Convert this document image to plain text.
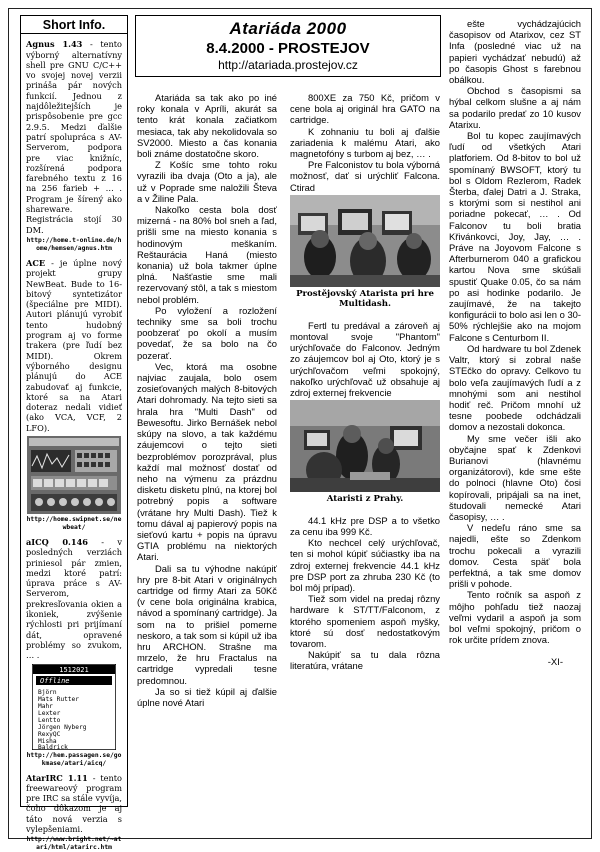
Short Info.
Agnus 1.43 - tento výborný alternatívny shell pre GNU C/C++ vo svojej novej verzii prináša pár nových funkcií. Jednou z najdôležitejších je prispôsobenie pre gcc 2.9.5. Medzi ďalšie patrí spolupráca s AV-Serverom, podpora pre viac knižníc, rozšírená podpora farebného textu z 16 na 256 farieb + … . Program je šírený ako shareware. Registrácia stojí 30 DM.
http://home.t-online.de/home/hemsen/agnus.htm
ACE - je úplne nový projekt grupy NewBeat. Bude to 16-bitový syntetizátor (špeciálne pre MIDI). Autori plánujú vyrobiť tento hudobný program aj vo forme trakera (pre ľudí bez MIDI). Okrem výborného designu plánujú do ACE zabudovať aj funkcie, ktoré sa na Atari doteraz nedali vidieť (ako VCA, VCF, 2 LFO).
http://home.swipnet.se/newbeat/
aICQ 0.146 - v posledných verziách priniesol pár zmien, medzi ktoré patrí: úprava práce s AV-Serverom, prekresľovania okien a ikoniek, zvýšenie rýchlosti pri prijímaní dát, opravené problémy so zvukom, … .
1512021
Offline
Björn
Mats Rutter
Mahr
Lexter
Lentto
Jörgen Nyberg
RexyQC
Misha
Baldrick
http://hem.passagen.se/gokmase/atari/aicq/
AtarIRC 1.11 - tento freewareový program pre IRC sa stále vyvíja, čoho dôkazom je aj táto nová verzia s vylepšeniami.
http://www.bright.net/~atari/html/atarirc.htm
Atariáda 2000
8.4.2000 - PROSTEJOV
http://atariada.prostejov.cz

Atariáda sa tak ako po iné roky konala v Apríli, akurát sa tento krát konala začiatkom mesiaca, tak aby nekolidovala so SV2000. Miesto a čas konania boli známe dostatočne skoro.

Z Košíc sme tohto roku vyrazili iba dvaja (Oto a ja), ale už v Poprade sme naložili Števa a v Žiline Pala.

Nakoľko cesta bola dosť mizerná - na 80% bol sneh a ľad, prišli sme na miesto konania s hodinovým meškaním. Reštaurácia Haná (miesto konania) už bola takmer úplne plná. Našťastie sme mali rezervovaný stôl, a tak s miestom nebol problém.

Po vyložení a rozložení techniky sme sa boli trochu poobzerať po okolí a musím povedať, že sa bolo na čo pozerať.

Vec, ktorá ma osobne najviac zaujala, bolo osem zosieťovaných malých 8-bitových Atari dohromady. Na tejto sieti sa hrala hra "Multi Dash" od Bewesoftu. Jirko Bernášek nebol skúpy na slovo, a tak každému záujemcovi o tejto sieti bezproblémov porozprával, plus každí mal možnosť dostať od neho na výmenu za prázdnu disketu disketu plnú, na ktorej bol potrebný popis a software (vrátane hry Multi Dash). Tiež k tomu dával aj papierový popis na sieťovú kartu + popis na úpravu GTIA problému na niektorých Atari.

Dali sa tu výhodne nakúpiť hry pre 8-bit Atari v originálnych cartridge od firmy Atari za 50Kč (v cene bola originálna krabica, návod a spomínaný cartridge). Ja som na to prišiel pomerne neskoro, a tak som si kúpil už iba hru ARCHON. Strašne ma mrzelo, že hru Fractalus na cartridge vypredali tesne predomnou.

Ja so si tiež kúpil aj ďalšie úplne nové Atari

800XE za 750 Kč, pričom v cene bola aj originál hra GATO na cartridge.

K zohnaniu tu boli aj ďalšie zariadenia k malému Atari, ako magnetofóny s turbom aj bez, … .

Pre Falconistov tu bola výborná možnosť, dať si urýchliť Falcona. Ctirad

Prostějovský Atarista pri hre Multidash.

Fertl tu predával a zároveň aj montoval svoje "Phantom" urýchľovače do Falconov. Jedným zo záujemcov bol aj Oto, ktorý je s urýchľovačom veľmi spokojný, nakoľko urýchľovač už obsahuje aj zdroj externej frekvencie

Ataristi z Prahy.

44.1 kHz pre DSP a to všetko za cenu iba 999 Kč.

Kto nechcel celý urýchľovač, ten si mohol kúpiť súčiastky iba na zdroj externej frekvencie 44.1 kHz pre DSP port za zhruba 230 Kč (to bol môj prípad).

Tiež som videl na predaj rôzny hardware k ST/TT/Falconom, z ktorého spomeniem aspoň myšky, ktoré sú dosť nedostatkovým tovarom.

Nakúpiť sa tu dala rôzna literatúra, vrátane

ešte vychádzajúcich časopisov od Atarixov, cez ST Infa (posledné viac už na papieri vychádzať nebudú) až po časopis Ghost s farebnou obálkou.

Obchod s časopismi sa hýbal celkom slušne a aj nám sa podarilo predať zo 10 kusov Atarixu.

Bol tu kopec zaujímavých ľudí od všetkých Atari platforiem. Od 8-bitov to bol už spomínaný BWSOFT, ktorý tu bol s Oldom Rezlerom, Radek Šterba, ďalej Datri a J. Straka, s ktorými som si nestihol ani poriadne pokecať, … . Od Falconov tu boli bratia Křivánkovci, Joy, Jay, … . Práve na Joyovom Falcone s Afterburnerom 040 a grafickou kartou Nova sme skúšali spustiť Quake 0.05, čo sa nám po asi hodinke podarilo. Je zaujímavé, že na takejto konfigurácii to bolo asi len o 30-50% rýchlejšie ako na mojom Falcone s Centurbom II.

Od hardware tu bol Zdenek Valtr, ktorý si zobral naše STEčko do opravy. Celkovo tu bolo veľa zaujímavých ľudí a z mnohými som ani nestihol hodiť reč. Pričom mnohí už tesne poobede odchádzali domov a nezostali dokonca.

My sme večer išli ako obyčajne spať k Zdenkovi Burianovi (hlavnému organizátorovi), kde sme ešte do polnoci (hlavne Oto) čosi kopírovali, pripájali sa na inet, študovali nemecké Atari časopisy, … .

V nedeľu ráno sme sa najedli, ešte so Zdenkom trochu pokecali a vyrazili domov. Cesta späť bola perfektná, a tak sme domov prišli v pohode.

Tento ročník sa aspoň z môjho pohľadu tiež naozaj veľmi vydaril a aspoň ja som bol veľmi spokojný, pričom o rok určite prídem znova.

-XI-
